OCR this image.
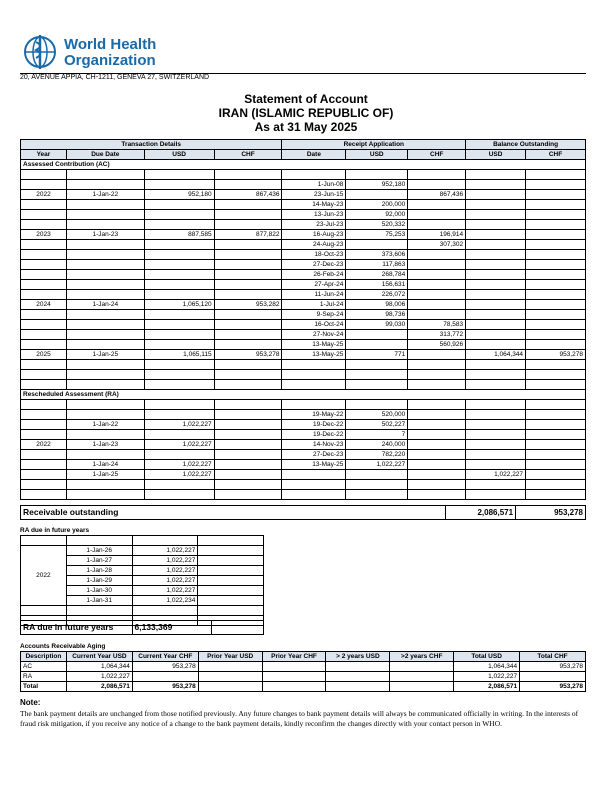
World Health
Organization
20, AVENUE APPIA, CH-1211, GENEVA 27, SWITZERLAND
Statement of Account
IRAN (ISLAMIC REPUBLIC OF)
As at 31 May 2025
Transaction Details				Receipt Application			Balance Outstanding	
Year	Due Date	USD	CHF	Date	USD	CHF	USD	CHF
Assessed Contribution (AC)								

				1-Jun-08	952,180			
2022	1-Jan-22	952,180	867,436	23-Jun-15		867,436		
				14-May-23	200,000			
				13-Jun-23	92,000			
				23-Jul-23	520,332			
2023	1-Jan-23	887,585	877,822	16-Aug-23	75,253	196,914		
				24-Aug-23		307,302		
				18-Oct-23	373,606			
				27-Dec-23	117,863			
				26-Feb-24	268,784			
				27-Apr-24	156,631			
				11-Jun-24	226,072			
2024	1-Jan-24	1,065,120	953,282	1-Jul-24	98,006			
				9-Sep-24	98,736			
				16-Oct-24	99,030	78,583		
				27-Nov-24		313,772		
				13-May-25		560,926		
2025	1-Jan-25	1,065,115	953,278	13-May-25	771		1,064,344	953,278

Rescheduled Assessment (RA)								

				19-May-22	520,000			
	1-Jan-22	1,022,227		19-Dec-22	502,227			
				19-Dec-22	7			
2022	1-Jan-23	1,022,227		14-Nov-23	240,000			
				27-Dec-23	782,220			
	1-Jan-24	1,022,227		13-May-25	1,022,227			
	1-Jan-25	1,022,227					1,022,227	

Receivable outstanding	2,086,571	953,278
RA due in future years

2022	1-Jan-26	1,022,227	
	1-Jan-27	1,022,227	
	1-Jan-28	1,022,227	
	1-Jan-29	1,022,227	
	1-Jan-30	1,022,227	
	1-Jan-31	1,022,234	

RA due in future years	6,133,369	
Accounts Receivable Aging
Description	Current Year USD	Current Year CHF	Prior Year USD	Prior Year CHF	> 2 years USD	>2 years CHF	Total USD	Total CHF
AC	1,064,344	953,278					1,064,344	953,278
RA	1,022,227						1,022,227	
Total	2,086,571	953,278					2,086,571	953,278
Note:
The bank payment details are unchanged from those notified previously. Any future changes to bank payment details will always be communicated officially in writing. In the interests of fraud risk mitigation, if you receive any notice of a change to the bank payment details, kindly reconfirm the changes directly with your contact person in WHO.
